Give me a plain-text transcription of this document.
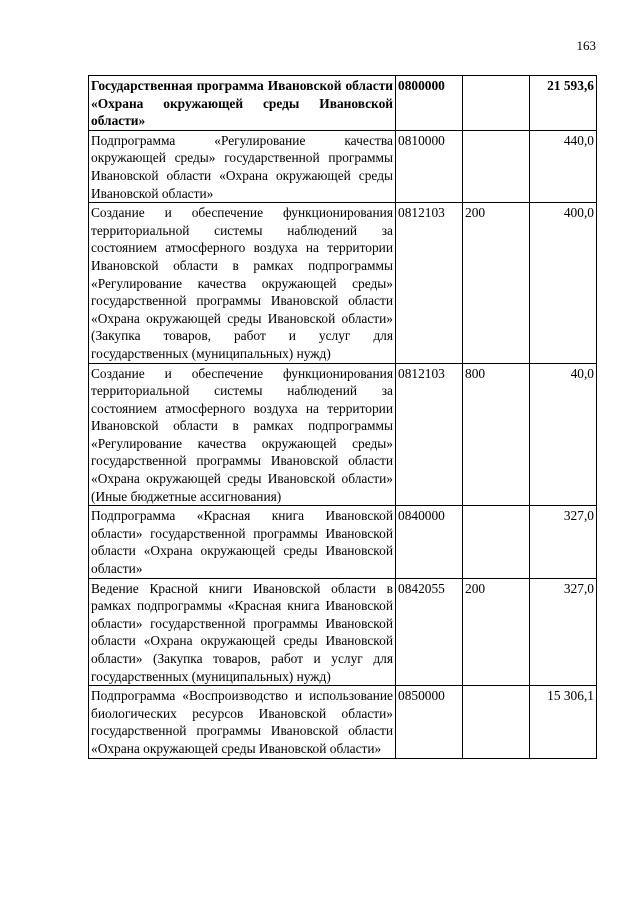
163
Государственная программа Ивановской области «Охрана окружающей среды Ивановской области»	0800000		21 593,6
Подпрограмма «Регулирование качества окружающей среды» государственной программы Ивановской области «Охрана окружающей среды Ивановской области»	0810000		440,0
Создание и обеспечение функционирования территориальной системы наблюдений за состоянием атмосферного воздуха на территории Ивановской области в рамках подпрограммы «Регулирование качества окружающей среды» государственной программы Ивановской области «Охрана окружающей среды Ивановской области» (Закупка товаров, работ и услуг для государственных (муниципальных) нужд)	0812103	200	400,0
Создание и обеспечение функционирования территориальной системы наблюдений за состоянием атмосферного воздуха на территории Ивановской области в рамках подпрограммы «Регулирование качества окружающей среды» государственной программы Ивановской области «Охрана окружающей среды Ивановской области» (Иные бюджетные ассигнования)	0812103	800	40,0
Подпрограмма «Красная книга Ивановской области» государственной программы Ивановской области «Охрана окружающей среды Ивановской области»	0840000		327,0
Ведение Красной книги Ивановской области в рамках подпрограммы «Красная книга Ивановской области» государственной программы Ивановской области «Охрана окружающей среды Ивановской области» (Закупка товаров, работ и услуг для государственных (муниципальных) нужд)	0842055	200	327,0
Подпрограмма «Воспроизводство и использование биологических ресурсов Ивановской области» государственной программы Ивановской области «Охрана окружающей среды Ивановской области»	0850000		15 306,1
